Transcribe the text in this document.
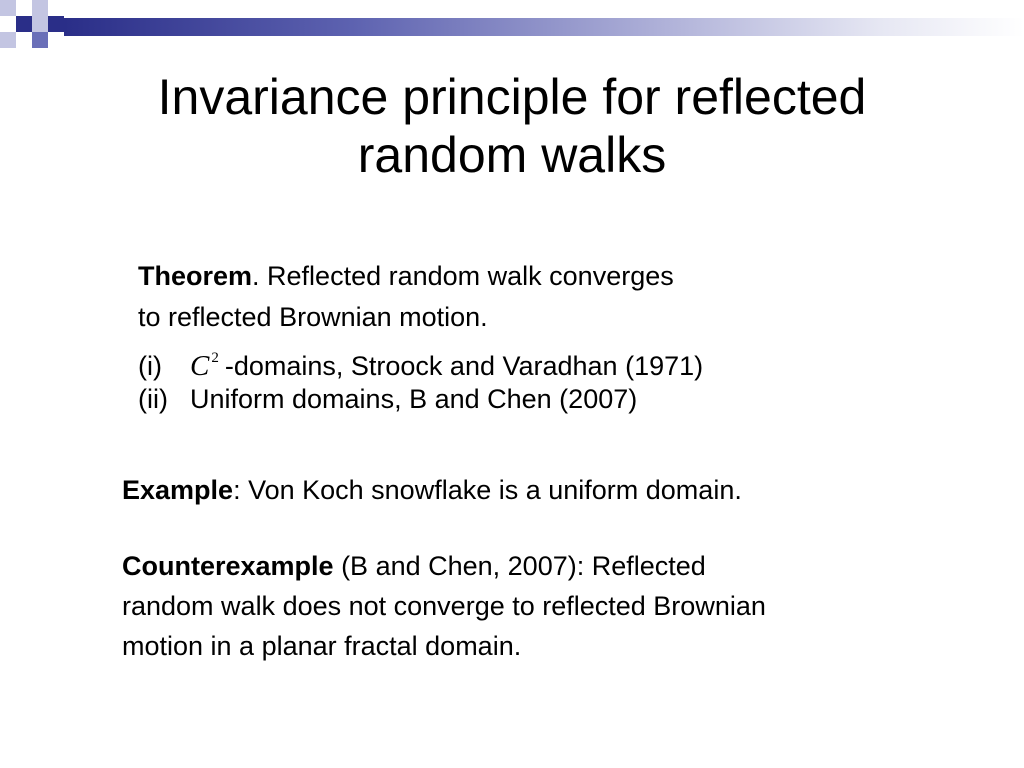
Invariance principle for reflected
random walks
Theorem. Reflected random walk converges
to reflected Brownian motion.
(i) C $^2$ -domains, Stroock and Varadhan (1971)
(ii) Uniform domains, B and Chen (2007)
Example: Von Koch snowflake is a uniform domain.
Counterexample (B and Chen, 2007): Reflected
random walk does not converge to reflected Brownian
motion in a planar fractal domain.
